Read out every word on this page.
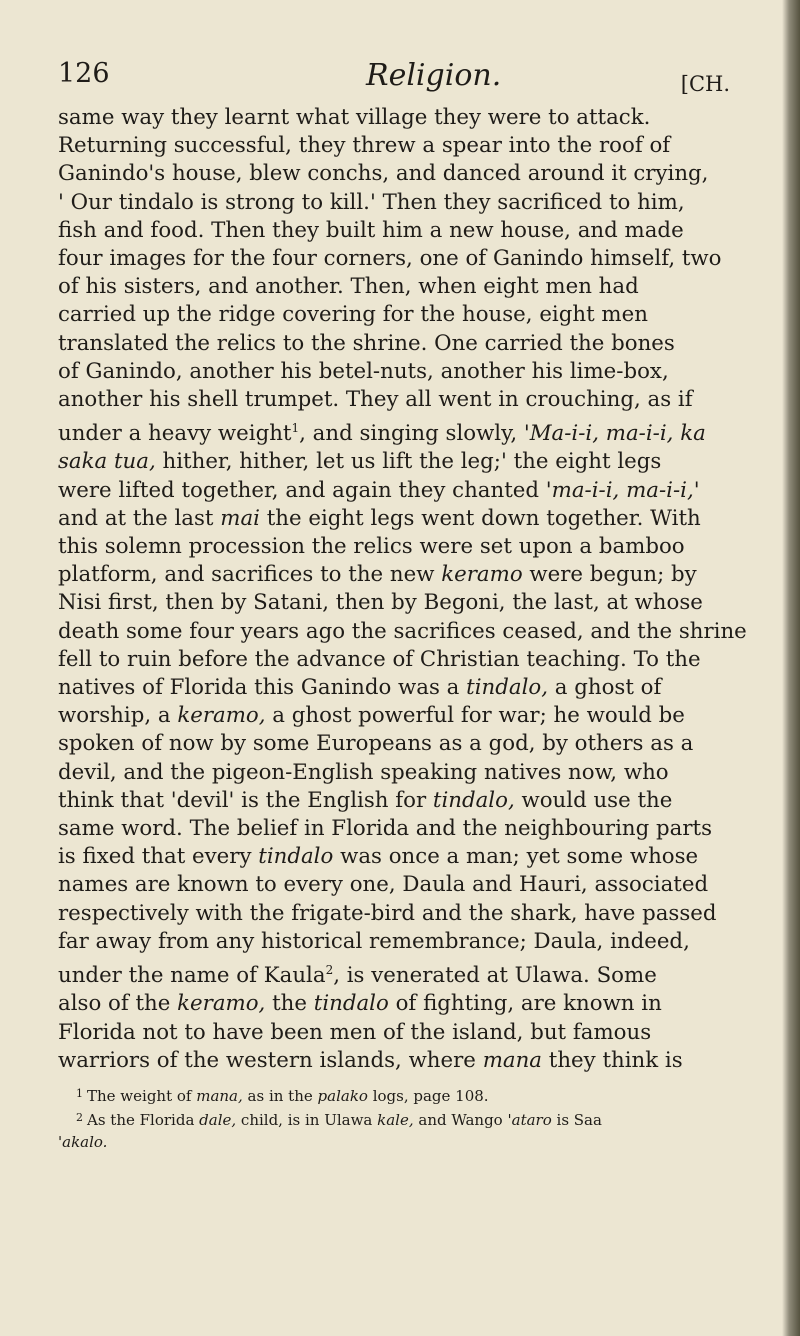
126	Religion.	[CH.

same way they learnt what village they were to attack.

Returning successful, they threw a spear into the roof of

Ganindo's house, blew conchs, and danced around it crying,

' Our tindalo is strong to kill.' Then they sacrificed to him,

fish and food. Then they built him a new house, and made

four images for the four corners, one of Ganindo himself, two

of his sisters, and another. Then, when eight men had

carried up the ridge covering for the house, eight men

translated the relics to the shrine. One carried the bones

of Ganindo, another his betel-nuts, another his lime-box,

another his shell trumpet. They all went in crouching, as if

under a heavy weight$^1$, and singing slowly, 'Ma-i-i, ma-i-i, ka

saka tua, hither, hither, let us lift the leg;' the eight legs

were lifted together, and again they chanted 'ma-i-i, ma-i-i,'

and at the last mai the eight legs went down together. With

this solemn procession the relics were set upon a bamboo

platform, and sacrifices to the new keramo were begun; by

Nisi first, then by Satani, then by Begoni, the last, at whose

death some four years ago the sacrifices ceased, and the shrine

fell to ruin before the advance of Christian teaching. To the

natives of Florida this Ganindo was a tindalo, a ghost of

worship, a keramo, a ghost powerful for war; he would be

spoken of now by some Europeans as a god, by others as a

devil, and the pigeon-English speaking natives now, who

think that 'devil' is the English for tindalo, would use the

same word. The belief in Florida and the neighbouring parts

is fixed that every tindalo was once a man; yet some whose

names are known to every one, Daula and Hauri, associated

respectively with the frigate-bird and the shark, have passed

far away from any historical remembrance; Daula, indeed,

under the name of Kaula$^2$, is venerated at Ulawa. Some

also of the keramo, the tindalo of fighting, are known in

Florida not to have been men of the island, but famous

warriors of the western islands, where mana they think is

$^1$ The weight of mana, as in the palako logs, page 108.

$^2$ As the Florida dale, child, is in Ulawa kale, and Wango 'ataro is Saa

'akalo.
